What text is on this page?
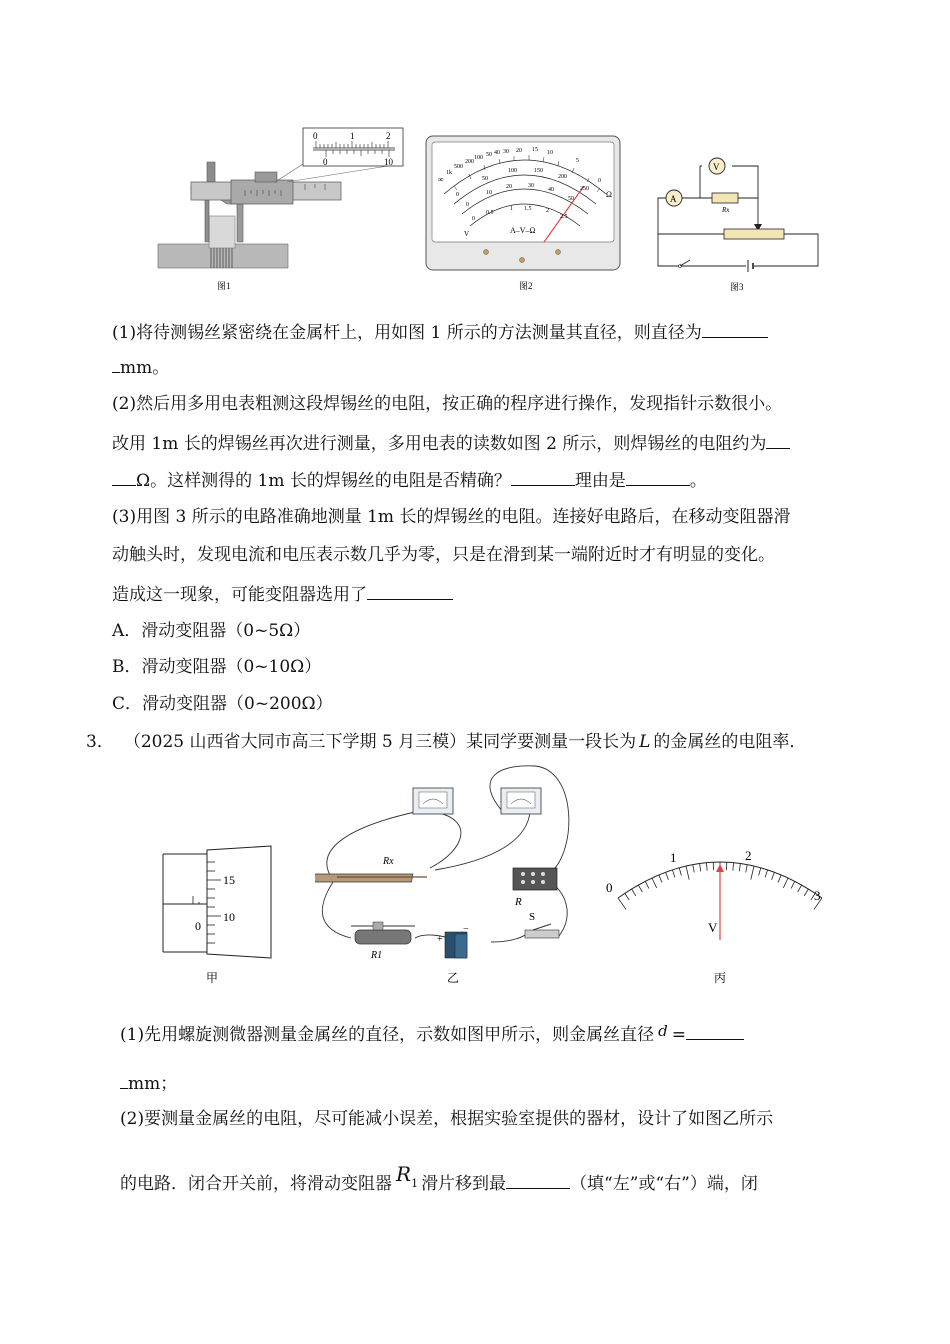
0	1	2
0	10
图1
∞
1k
500
200
100 50 40 30 20 15 10
5
0
Ω
0
50
100	150
200
250
0
10
20	30
40
50
0
0.5
1 1.5 2
2.5
V	A–V–Ω
图2
V
A
Rx
图3
(1)将待测锡丝紧密绕在金属杆上，用如图 1 所示的方法测量其直径，则直径为
mm。
(2)然后用多用电表粗测这段焊锡丝的电阻，按正确的程序进行操作，发现指针示数很小。
改用 1m 长的焊锡丝再次进行测量，多用电表的读数如图 2 所示，则焊锡丝的电阻约为
Ω。这样测得的 1m 长的焊锡丝的电阻是否精确？	理由是	。
(3)用图 3 所示的电路准确地测量 1m 长的焊锡丝的电阻。连接好电路后，在移动变阻器滑
动触头时，发现电流和电压表示数几乎为零，只是在滑到某一端附近时才有明显的变化。
造成这一现象，可能变阻器选用了
A．滑动变阻器（0~5Ω）
B．滑动变阻器（0~10Ω）
C．滑动变阻器（0~200Ω）
3． （2025 山西省大同市高三下学期 5 月三模）某同学要测量一段长为 L 的金属丝的电阻率．
15
10
0
甲
Rx
R
R1
+
−
S
乙
0
1	2
3
V
丙
(1)先用螺旋测微器测量金属丝的直径，示数如图甲所示，则金属丝直径 d =
mm；
(2)要测量金属丝的电阻，尽可能减小误差，根据实验室提供的器材，设计了如图乙所示
的电路．闭合开关前，将滑动变阻器 R1 滑片移到最	（填“左”或“右”）端，闭
